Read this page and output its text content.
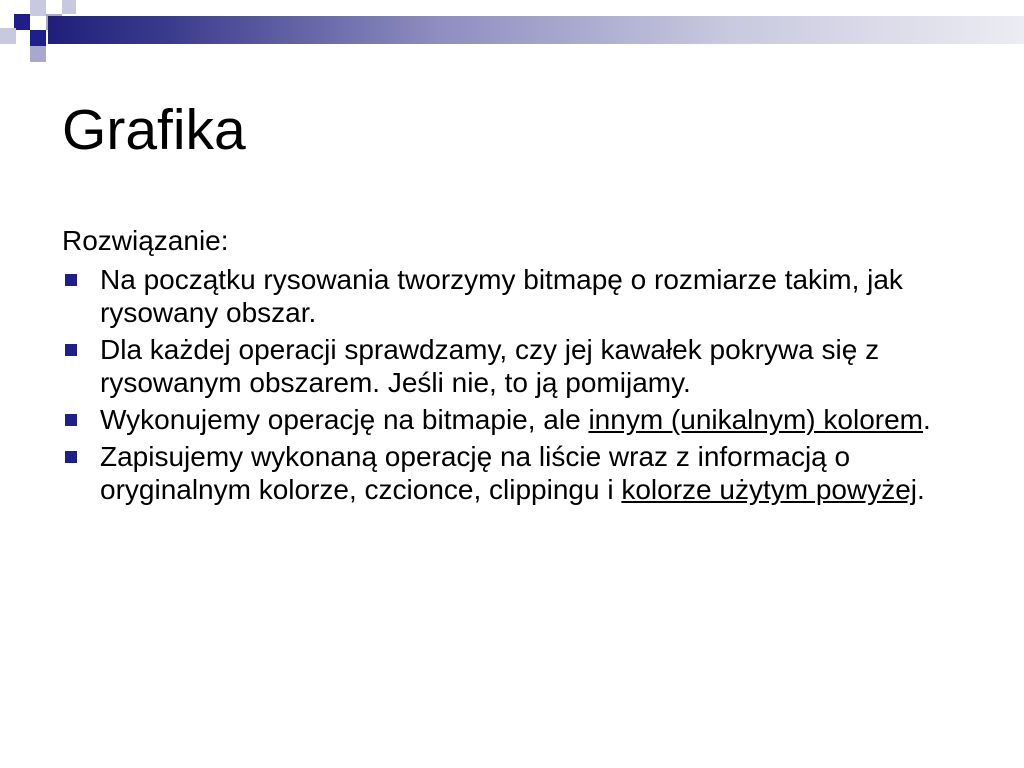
Grafika

Rozwiązanie:

Na początku rysowania tworzymy bitmapę o rozmiarze takim, jak rysowany obszar.
Dla każdej operacji sprawdzamy, czy jej kawałek pokrywa się z rysowanym obszarem. Jeśli nie, to ją pomijamy.
Wykonujemy operację na bitmapie, ale innym (unikalnym) kolorem.
Zapisujemy wykonaną operację na liście wraz z informacją o oryginalnym kolorze, czcionce, clippingu i kolorze użytym powyżej.
